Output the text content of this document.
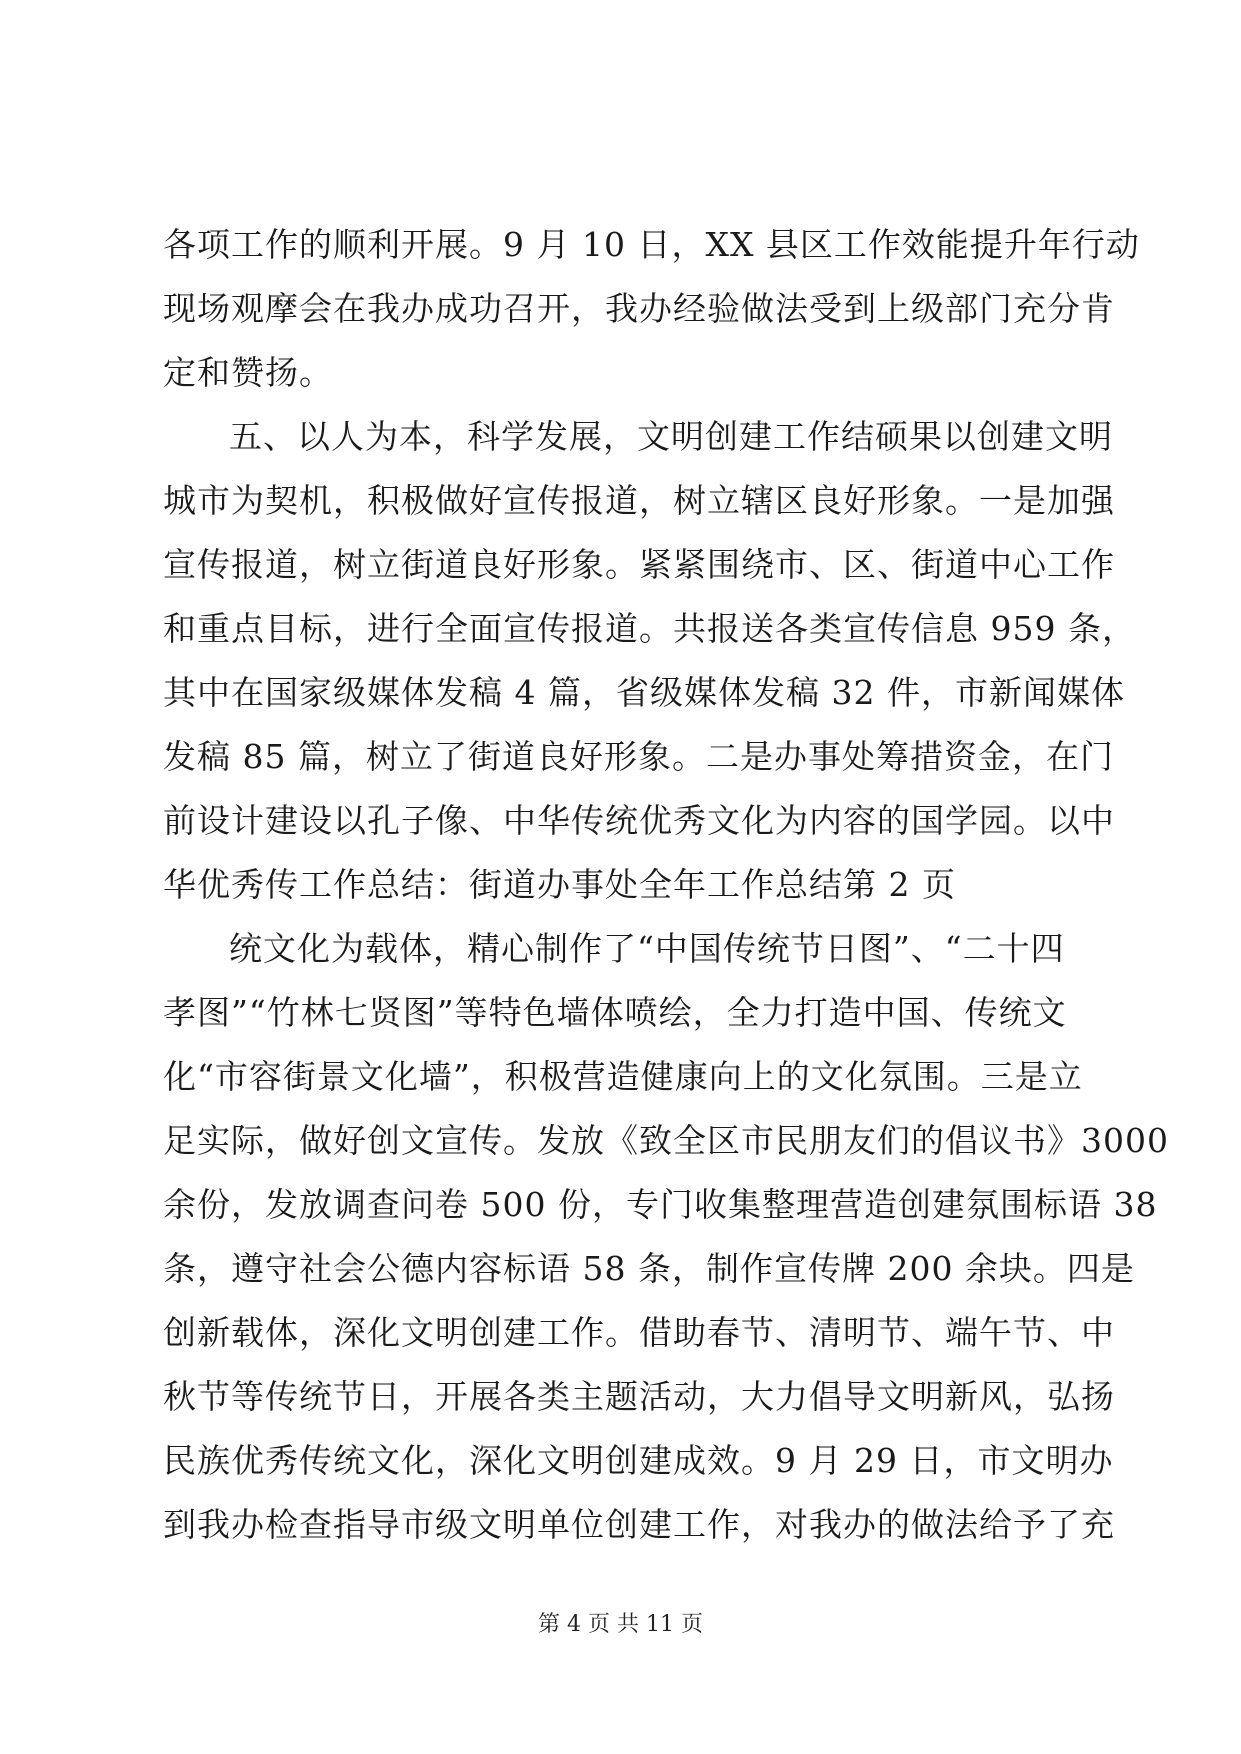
各项工作的顺利开展。9 月 10 日，XX 县区工作效能提升年行动
现场观摩会在我办成功召开，我办经验做法受到上级部门充分肯
定和赞扬。
五、以人为本，科学发展，文明创建工作结硕果以创建文明
城市为契机，积极做好宣传报道，树立辖区良好形象。一是加强
宣传报道，树立街道良好形象。紧紧围绕市、区、街道中心工作
和重点目标，进行全面宣传报道。共报送各类宣传信息 959 条，
其中在国家级媒体发稿 4 篇，省级媒体发稿 32 件，市新闻媒体
发稿 85 篇，树立了街道良好形象。二是办事处筹措资金，在门
前设计建设以孔子像、中华传统优秀文化为内容的国学园。以中
华优秀传工作总结：街道办事处全年工作总结第 2 页
统文化为载体，精心制作了“中国传统节日图”、“二十四
孝图”“竹林七贤图”等特色墙体喷绘，全力打造中国、传统文
化“市容街景文化墙”，积极营造健康向上的文化氛围。三是立
足实际，做好创文宣传。发放《致全区市民朋友们的倡议书》3000
余份，发放调查问卷 500 份，专门收集整理营造创建氛围标语 38
条，遵守社会公德内容标语 58 条，制作宣传牌 200 余块。四是
创新载体，深化文明创建工作。借助春节、清明节、端午节、中
秋节等传统节日，开展各类主题活动，大力倡导文明新风，弘扬
民族优秀传统文化，深化文明创建成效。9 月 29 日，市文明办
到我办检查指导市级文明单位创建工作，对我办的做法给予了充
第 4 页 共 11 页
